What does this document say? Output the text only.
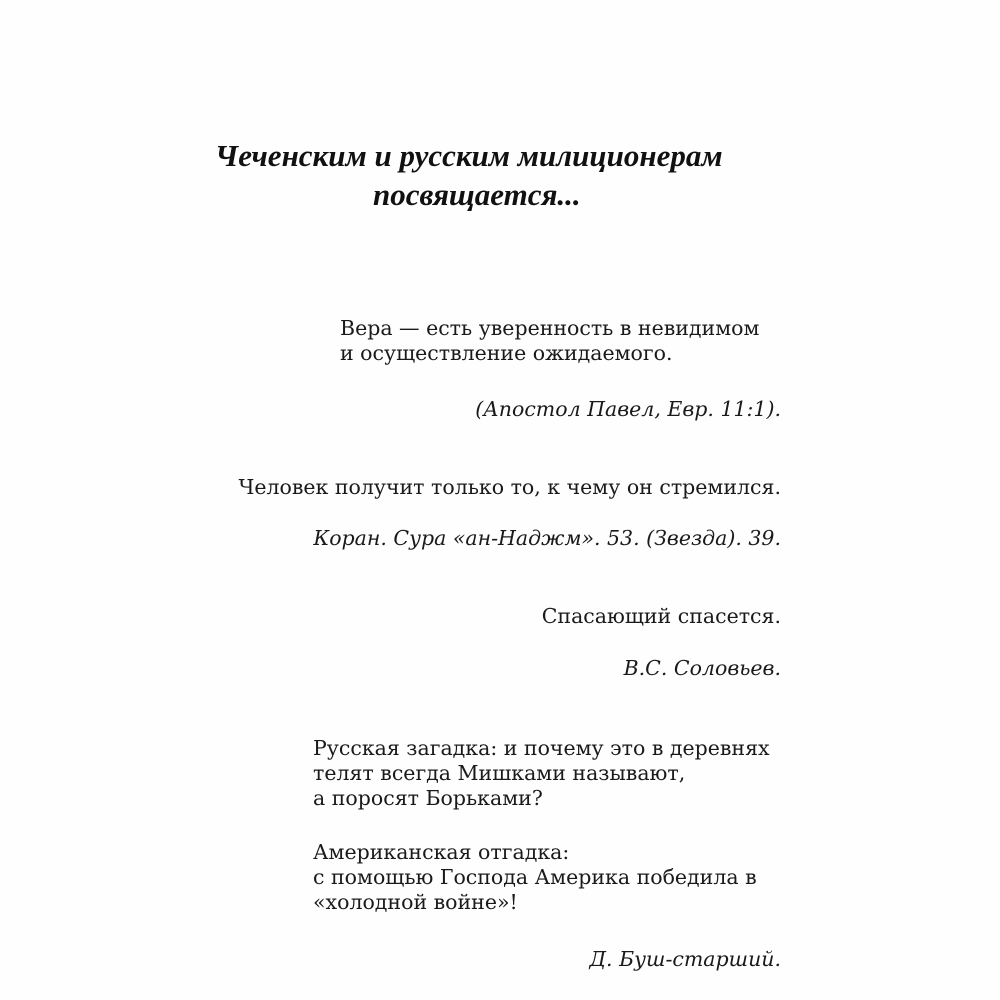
Чеченским и русским милиционерам
посвящается...
Вера — есть уверенность в невидимом
и осуществление ожидаемого.
(Апостол Павел, Евр. 11:1).
Человек получит только то, к чему он стремился.
Коран. Сура «ан-Наджм». 53. (Звезда). 39.
Спасающий спасется.
В.С. Соловьев.
Русская загадка: и почему это в деревнях
телят всегда Мишками называют,
а поросят Борьками?
Американская отгадка:
с помощью Господа Америка победила в
«холодной войне»!
Д. Буш-старший.
